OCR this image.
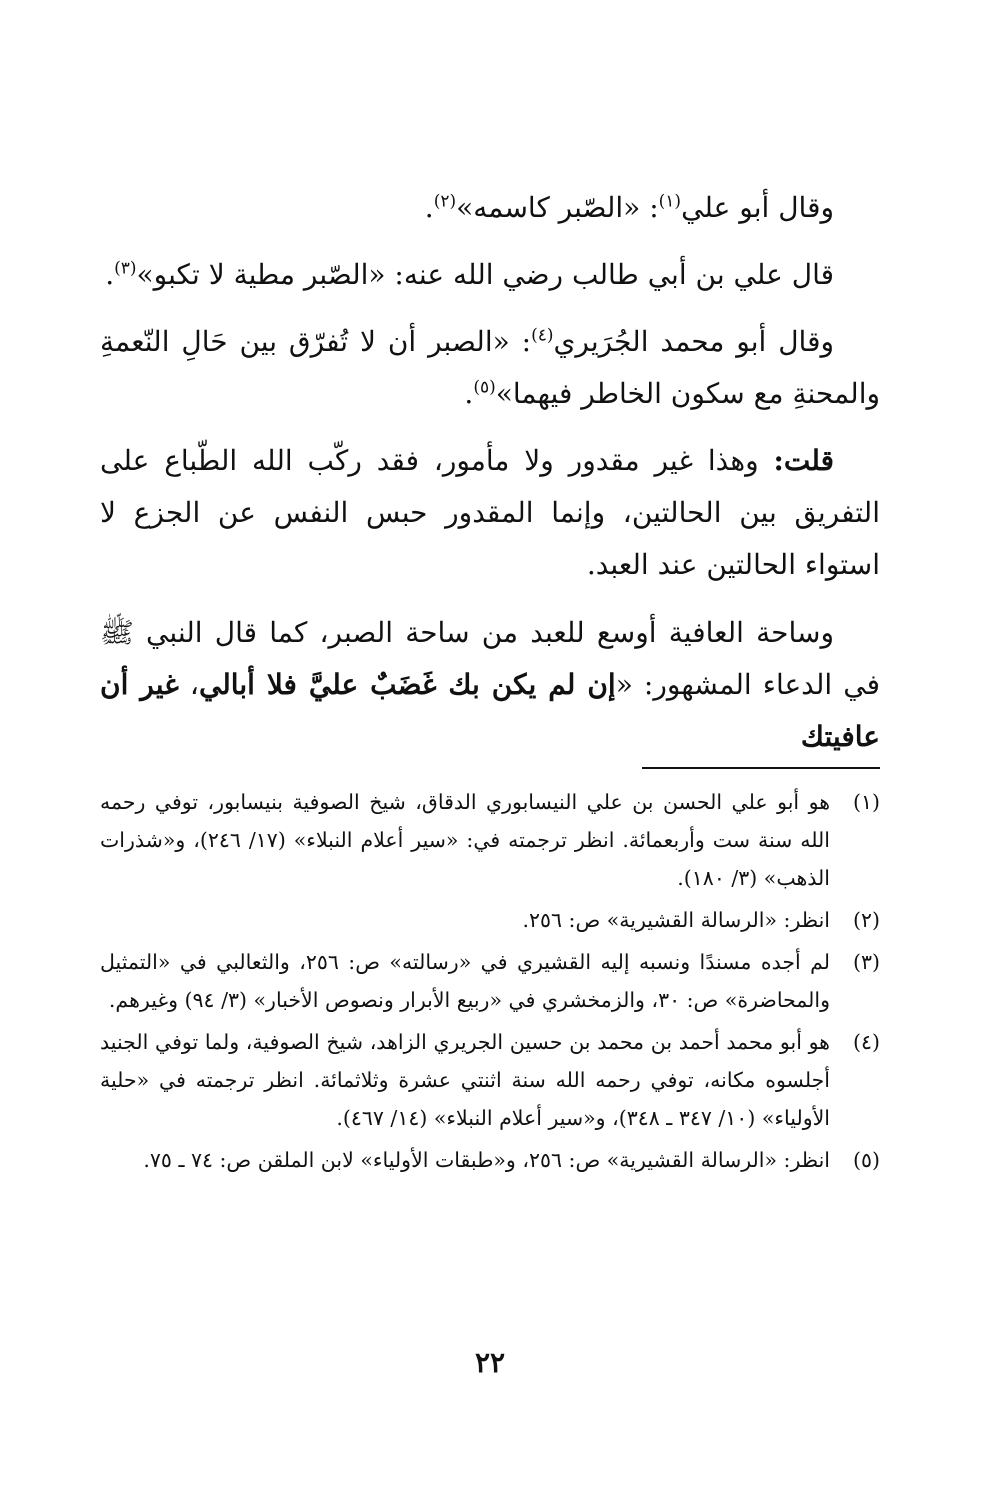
وقال أبو علي$^{(١)}$: «الصّبر كاسمه»$^{(٢)}$.

قال علي بن أبي طالب رضي الله عنه: «الصّبر مطية لا تكبو»$^{(٣)}$.

وقال أبو محمد الجُرَيري$^{(٤)}$: «الصبر أن لا تُفرّق بين حَالِ النّعمةِ والمحنةِ مع سكون الخاطر فيهما»$^{(٥)}$.

قلت: وهذا غير مقدور ولا مأمور، فقد ركّب الله الطّباع على التفريق بين الحالتين، وإنما المقدور حبس النفس عن الجزع لا استواء الحالتين عند العبد.

وساحة العافية أوسع للعبد من ساحة الصبر، كما قال النبي ﷺ في الدعاء المشهور: «إن لم يكن بك غَضَبٌ عليَّ فلا أبالي، غير أن عافيتك

(١)
هو أبو علي الحسن بن علي النيسابوري الدقاق، شيخ الصوفية بنيسابور، توفي رحمه الله سنة ست وأربعمائة. انظر ترجمته في: «سير أعلام النبلاء» (١٧/ ٢٤٦)، و«شذرات الذهب» (٣/ ١٨٠).
(٢)
انظر: «الرسالة القشيرية» ص: ٢٥٦.
(٣)
لم أجده مسندًا ونسبه إليه القشيري في «رسالته» ص: ٢٥٦، والثعالبي في «التمثيل والمحاضرة» ص: ٣٠، والزمخشري في «ربيع الأبرار ونصوص الأخبار» (٣/ ٩٤) وغيرهم.
(٤)
هو أبو محمد أحمد بن محمد بن حسين الجريري الزاهد، شيخ الصوفية، ولما توفي الجنيد أجلسوه مكانه، توفي رحمه الله سنة اثنتي عشرة وثلاثمائة. انظر ترجمته في «حلية الأولياء» (١٠/ ٣٤٧ ـ ٣٤٨)، و«سير أعلام النبلاء» (١٤/ ٤٦٧).
(٥)
انظر: «الرسالة القشيرية» ص: ٢٥٦، و«طبقات الأولياء» لابن الملقن ص: ٧٤ ـ ٧٥.
٢٢
